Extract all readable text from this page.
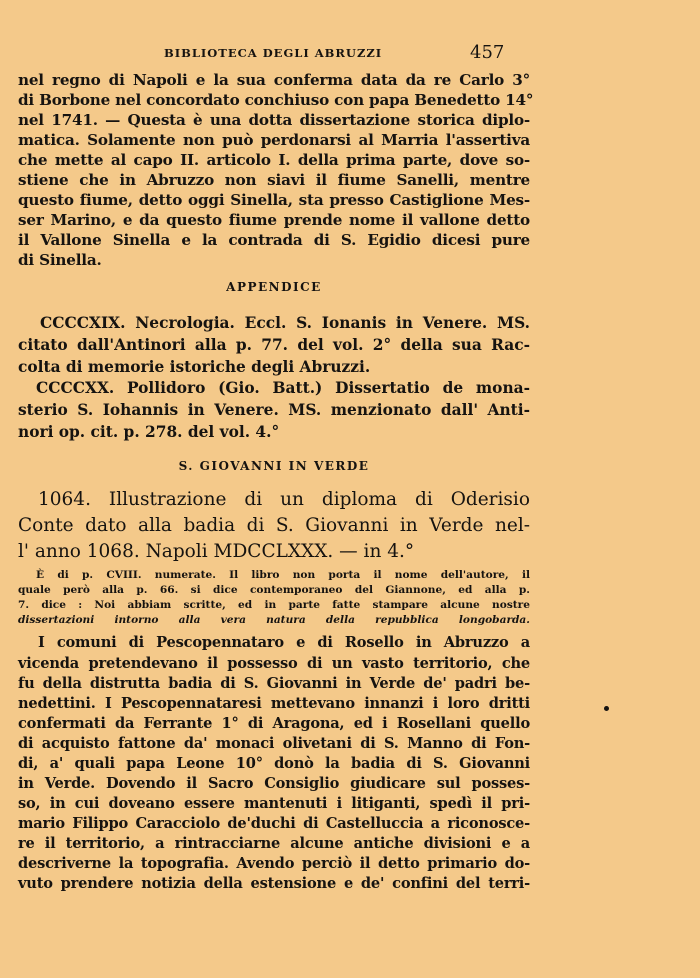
BIBLIOTECA DEGLI ABRUZZI	457
nel regno di Napoli e la sua conferma data da re Carlo 3°
di Borbone nel concordato conchiuso con papa Benedetto 14°
nel 1741. — Questa è una dotta dissertazione storica diplo-
matica. Solamente non può perdonarsi al Marria l'assertiva
che mette al capo II. articolo I. della prima parte, dove so-
stiene che in Abruzzo non siavi il fiume Sanelli, mentre
questo fiume, detto oggi Sinella, sta presso Castiglione Mes-
ser Marino, e da questo fiume prende nome il vallone detto
il Vallone Sinella e la contrada di S. Egidio dicesi pure
di Sinella.
APPENDICE
CCCCXIX. Necrologia. Eccl. S. Ionanis in Venere. MS.
citato dall'Antinori alla p. 77. del vol. 2° della sua Rac-
colta di memorie istoriche degli Abruzzi.
CCCCXX. Pollidoro (Gio. Batt.) Dissertatio de mona-
sterio S. Iohannis in Venere. MS. menzionato dall' Anti-
nori op. cit. p. 278. del vol. 4.°
S. GIOVANNI IN VERDE
1064. Illustrazione di un diploma di Oderisio
Conte dato alla badia di S. Giovanni in Verde nel-
l' anno 1068. Napoli MDCCLXXX. — in 4.°
È di p. CVIII. numerate. Il libro non porta il nome dell'autore, il
quale però alla p. 66. si dice contemporaneo del Giannone, ed alla p.
7. dice : Noi abbiam scritte, ed in parte fatte stampare alcune nostre
dissertazioni intorno alla vera natura della repubblica longobarda.
I comuni di Pescopennataro e di Rosello in Abruzzo a
vicenda pretendevano il possesso di un vasto territorio, che
fu della distrutta badia di S. Giovanni in Verde de' padri be-
nedettini. I Pescopennataresi mettevano innanzi i loro dritti
confermati da Ferrante 1° di Aragona, ed i Rosellani quello
di acquisto fattone da' monaci olivetani di S. Manno di Fon-
di, a' quali papa Leone 10° donò la badia di S. Giovanni
in Verde. Dovendo il Sacro Consiglio giudicare sul posses-
so, in cui doveano essere mantenuti i litiganti, spedì il pri-
mario Filippo Caracciolo de'duchi di Castelluccia a riconosce-
re il territorio, a rintracciarne alcune antiche divisioni e a
descriverne la topografia. Avendo perciò il detto primario do-
vuto prendere notizia della estensione e de' confini del terri-
